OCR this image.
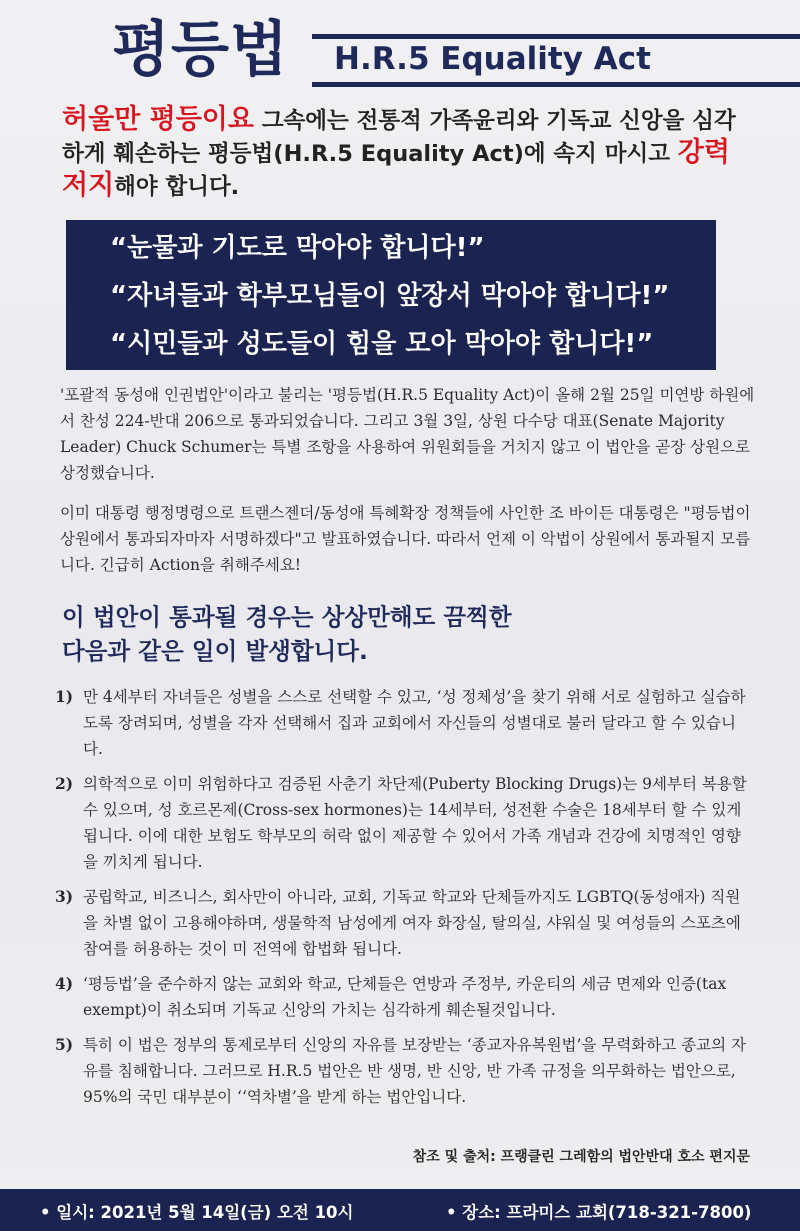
평등법	H.R.5 Equality Act
허울만 평등이요 그속에는 전통적 가족윤리와 기독교 신앙을 심각하게 훼손하는 평등법(H.R.5 Equality Act)에 속지 마시고 강력 저지해야 합니다.
“눈물과 기도로 막아야 합니다!”
“자녀들과 학부모님들이 앞장서 막아야 합니다!”
“시민들과 성도들이 힘을 모아 막아야 합니다!”

'포괄적 동성애 인권법안'이라고 불리는 '평등법(H.R.5 Equality Act)이 올해 2월 25일 미연방 하원에서 찬성 224-반대 206으로 통과되었습니다. 그리고 3월 3일, 상원 다수당 대표(Senate Majority Leader) Chuck Schumer는 특별 조항을 사용하여 위원회들을 거치지 않고 이 법안을 곧장 상원으로 상정했습니다.

이미 대통령 행정명령으로 트랜스젠더/동성애 특혜확장 정책들에 사인한 조 바이든 대통령은 "평등법이 상원에서 통과되자마자 서명하겠다"고 발표하였습니다. 따라서 언제 이 악법이 상원에서 통과될지 모릅니다. 긴급히 Action을 취해주세요!

이 법안이 통과될 경우는 상상만해도 끔찍한
다음과 같은 일이 발생합니다.
1) 만 4세부터 자녀들은 성별을 스스로 선택할 수 있고, ‘성 정체성’을 찾기 위해 서로 실험하고 실습하도록 장려되며, 성별을 각자 선택해서 집과 교회에서 자신들의 성별대로 불러 달라고 할 수 있습니다.
2) 의학적으로 이미 위험하다고 검증된 사춘기 차단제(Puberty Blocking Drugs)는 9세부터 복용할 수 있으며, 성 호르몬제(Cross-sex hormones)는 14세부터, 성전환 수술은 18세부터 할 수 있게 됩니다. 이에 대한 보험도 학부모의 허락 없이 제공할 수 있어서 가족 개념과 건강에 치명적인 영향을 끼치게 됩니다.
3) 공립학교, 비즈니스, 회사만이 아니라, 교회, 기독교 학교와 단체들까지도 LGBTQ(동성애자) 직원을 차별 없이 고용해야하며, 생물학적 남성에게 여자 화장실, 탈의실, 샤워실 및 여성들의 스포츠에 참여를 허용하는 것이 미 전역에 합법화 됩니다.
4) ‘평등법’을 준수하지 않는 교회와 학교, 단체들은 연방과 주정부, 카운티의 세금 면제와 인증(tax exempt)이 취소되며 기독교 신앙의 가치는 심각하게 훼손될것입니다.
5) 특히 이 법은 정부의 통제로부터 신앙의 자유를 보장받는 ‘종교자유복원법’을 무력화하고 종교의 자유를 침해합니다. 그러므로 H.R.5 법안은 반 생명, 반 신앙, 반 가족 규정을 의무화하는 법안으로, 95%의 국민 대부분이 ‘‘역차별’을 받게 하는 법안입니다.
참조 및 출처: 프랭클린 그레함의 법안반대 호소 편지문
• 일시: 2021년 5월 14일(금) 오전 10시	• 장소: 프라미스 교회(718-321-7800)
